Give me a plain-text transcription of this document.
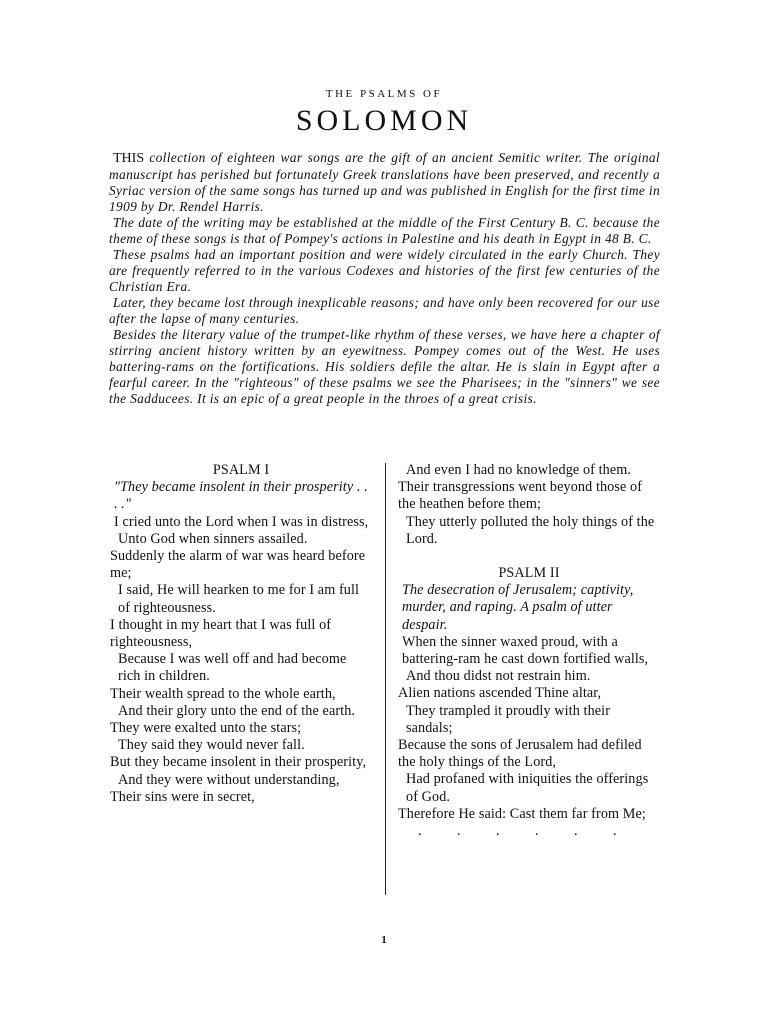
THE PSALMS OF
SOLOMON

THIS collection of eighteen war songs are the gift of an ancient Semitic writer. The original manuscript has perished but fortunately Greek translations have been preserved, and recently a Syriac version of the same songs has turned up and was published in English for the first time in 1909 by Dr. Rendel Harris.

The date of the writing may be established at the middle of the First Century B. C. because the theme of these songs is that of Pompey's actions in Palestine and his death in Egypt in 48 B. C.

These psalms had an important position and were widely circulated in the early Church. They are frequently referred to in the various Codexes and histories of the first few centuries of the Christian Era.

Later, they became lost through inexplicable reasons; and have only been recovered for our use after the lapse of many centuries.

Besides the literary value of the trumpet-like rhythm of these verses, we have here a chapter of stirring ancient history written by an eyewitness. Pompey comes out of the West. He uses battering-rams on the fortifications. His soldiers defile the altar. He is slain in Egypt after a fearful career. In the "righteous" of these psalms we see the Pharisees; in the "sinners" we see the Sadducees. It is an epic of a great people in the throes of a great crisis.

PSALM I

"They became insolent in their prosperity . . . ."

I cried unto the Lord when I was in distress,

Unto God when sinners assailed.

Suddenly the alarm of war was heard before me;

I said, He will hearken to me for I am full of righteousness.

I thought in my heart that I was full of righteousness,

Because I was well off and had become rich in children.

Their wealth spread to the whole earth,

And their glory unto the end of the earth.

They were exalted unto the stars;

They said they would never fall.

But they became insolent in their prosperity,

And they were without understanding,

Their sins were in secret,

And even I had no knowledge of them.

Their transgressions went beyond those of the heathen before them;

They utterly polluted the holy things of the Lord.

PSALM II

The desecration of Jerusalem; captivity, murder, and raping. A psalm of utter despair.

When the sinner waxed proud, with a battering-ram he cast down fortified walls,

And thou didst not restrain him.

Alien nations ascended Thine altar,

They trampled it proudly with their sandals;

Because the sons of Jerusalem had defiled the holy things of the Lord,

Had profaned with iniquities the offerings of God.

Therefore He said: Cast them far from Me;

. . . . . .

1
